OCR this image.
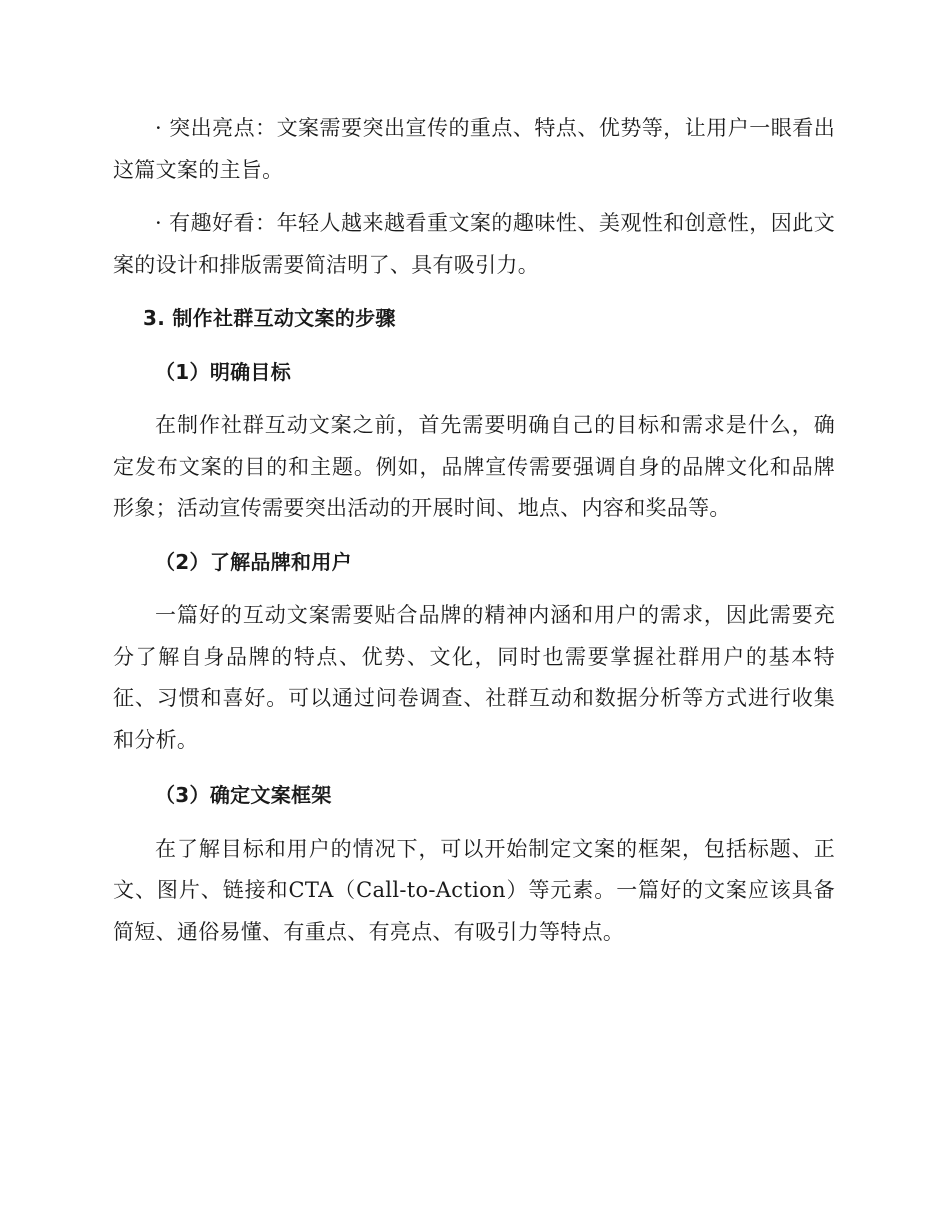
· 突出亮点：文案需要突出宣传的重点、特点、优势等，让用户一眼看出这篇文案的主旨。

· 有趣好看：年轻人越来越看重文案的趣味性、美观性和创意性，因此文案的设计和排版需要简洁明了、具有吸引力。

3. 制作社群互动文案的步骤

（1）明确目标

在制作社群互动文案之前，首先需要明确自己的目标和需求是什么，确定发布文案的目的和主题。例如，品牌宣传需要强调自身的品牌文化和品牌形象；活动宣传需要突出活动的开展时间、地点、内容和奖品等。

（2）了解品牌和用户

一篇好的互动文案需要贴合品牌的精神内涵和用户的需求，因此需要充分了解自身品牌的特点、优势、文化，同时也需要掌握社群用户的基本特征、习惯和喜好。可以通过问卷调查、社群互动和数据分析等方式进行收集和分析。

（3）确定文案框架

在了解目标和用户的情况下，可以开始制定文案的框架，包括标题、正文、图片、链接和CTA（Call-to-Action）等元素。一篇好的文案应该具备简短、通俗易懂、有重点、有亮点、有吸引力等特点。
